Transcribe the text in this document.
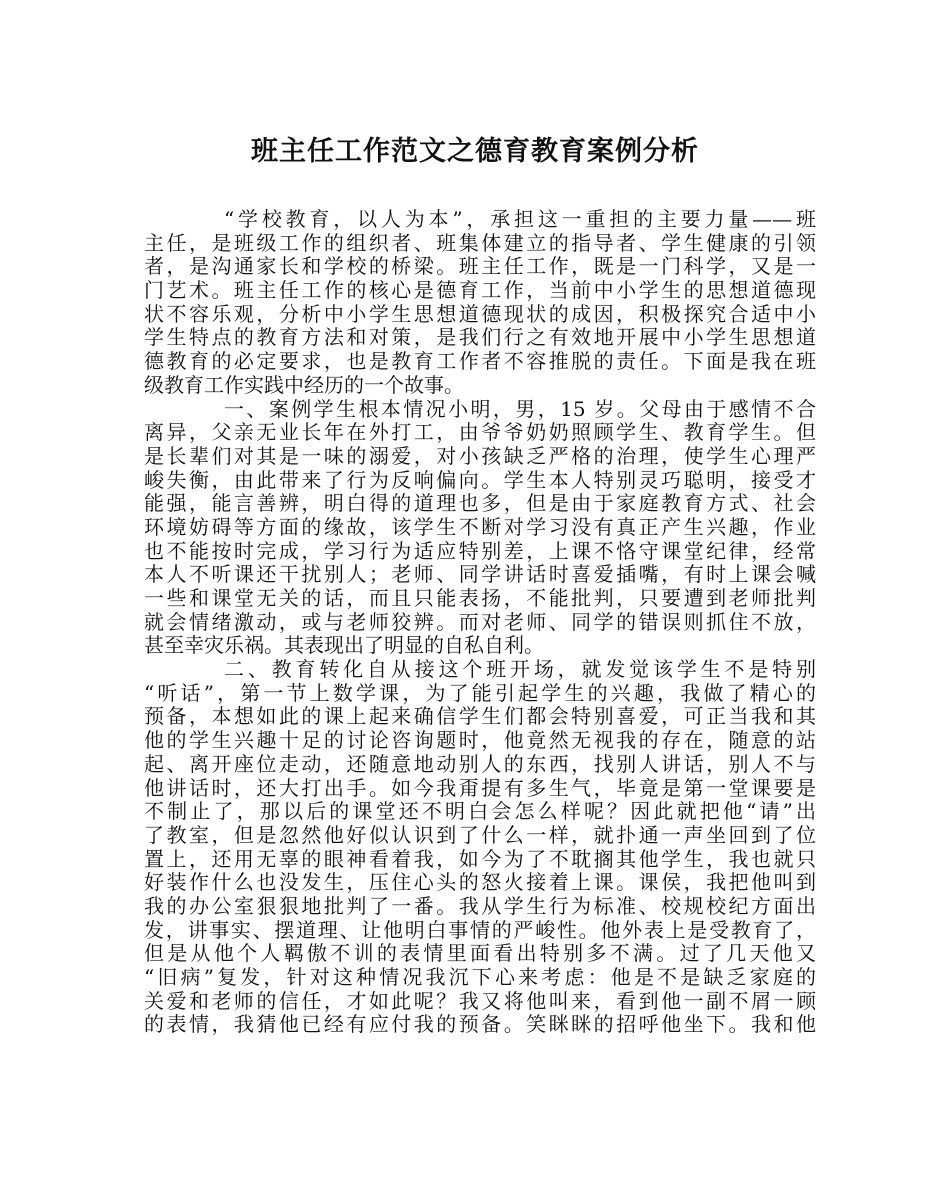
班主任工作范文之德育教育案例分析
“学校教育，以人为本”，承担这一重担的主要力量——班
主任，是班级工作的组织者、班集体建立的指导者、学生健康的引领
者，是沟通家长和学校的桥梁。班主任工作，既是一门科学，又是一
门艺术。班主任工作的核心是德育工作，当前中小学生的思想道德现
状不容乐观，分析中小学生思想道德现状的成因，积极探究合适中小
学生特点的教育方法和对策，是我们行之有效地开展中小学生思想道
德教育的必定要求，也是教育工作者不容推脱的责任。下面是我在班
级教育工作实践中经历的一个故事。
一、案例学生根本情况小明，男，15 岁。父母由于感情不合
离异，父亲无业长年在外打工，由爷爷奶奶照顾学生、教育学生。但
是长辈们对其是一味的溺爱，对小孩缺乏严格的治理，使学生心理严
峻失衡，由此带来了行为反响偏向。学生本人特别灵巧聪明，接受才
能强，能言善辨，明白得的道理也多，但是由于家庭教育方式、社会
环境妨碍等方面的缘故，该学生不断对学习没有真正产生兴趣，作业
也不能按时完成，学习行为适应特别差，上课不恪守课堂纪律，经常
本人不听课还干扰别人；老师、同学讲话时喜爱插嘴，有时上课会喊
一些和课堂无关的话，而且只能表扬，不能批判，只要遭到老师批判
就会情绪激动，或与老师狡辨。而对老师、同学的错误则抓住不放，
甚至幸灾乐祸。其表现出了明显的自私自利。
二、教育转化自从接这个班开场，就发觉该学生不是特别
“听话”，第一节上数学课，为了能引起学生的兴趣，我做了精心的
预备，本想如此的课上起来确信学生们都会特别喜爱，可正当我和其
他的学生兴趣十足的讨论咨询题时，他竟然无视我的存在，随意的站
起、离开座位走动，还随意地动别人的东西，找别人讲话，别人不与
他讲话时，还大打出手。如今我甭提有多生气，毕竟是第一堂课要是
不制止了，那以后的课堂还不明白会怎么样呢？因此就把他“请”出
了教室，但是忽然他好似认识到了什么一样，就扑通一声坐回到了位
置上，还用无辜的眼神看着我，如今为了不耽搁其他学生，我也就只
好装作什么也没发生，压住心头的怒火接着上课。课侯，我把他叫到
我的办公室狠狠地批判了一番。我从学生行为标准、校规校纪方面出
发，讲事实、摆道理、让他明白事情的严峻性。他外表上是受教育了，
但是从他个人羁傲不训的表情里面看出特别多不满。过了几天他又
“旧病”复发，针对这种情况我沉下心来考虑：他是不是缺乏家庭的
关爱和老师的信任，才如此呢？我又将他叫来，看到他一副不屑一顾
的表情，我猜他已经有应付我的预备。笑眯眯的招呼他坐下。我和他
